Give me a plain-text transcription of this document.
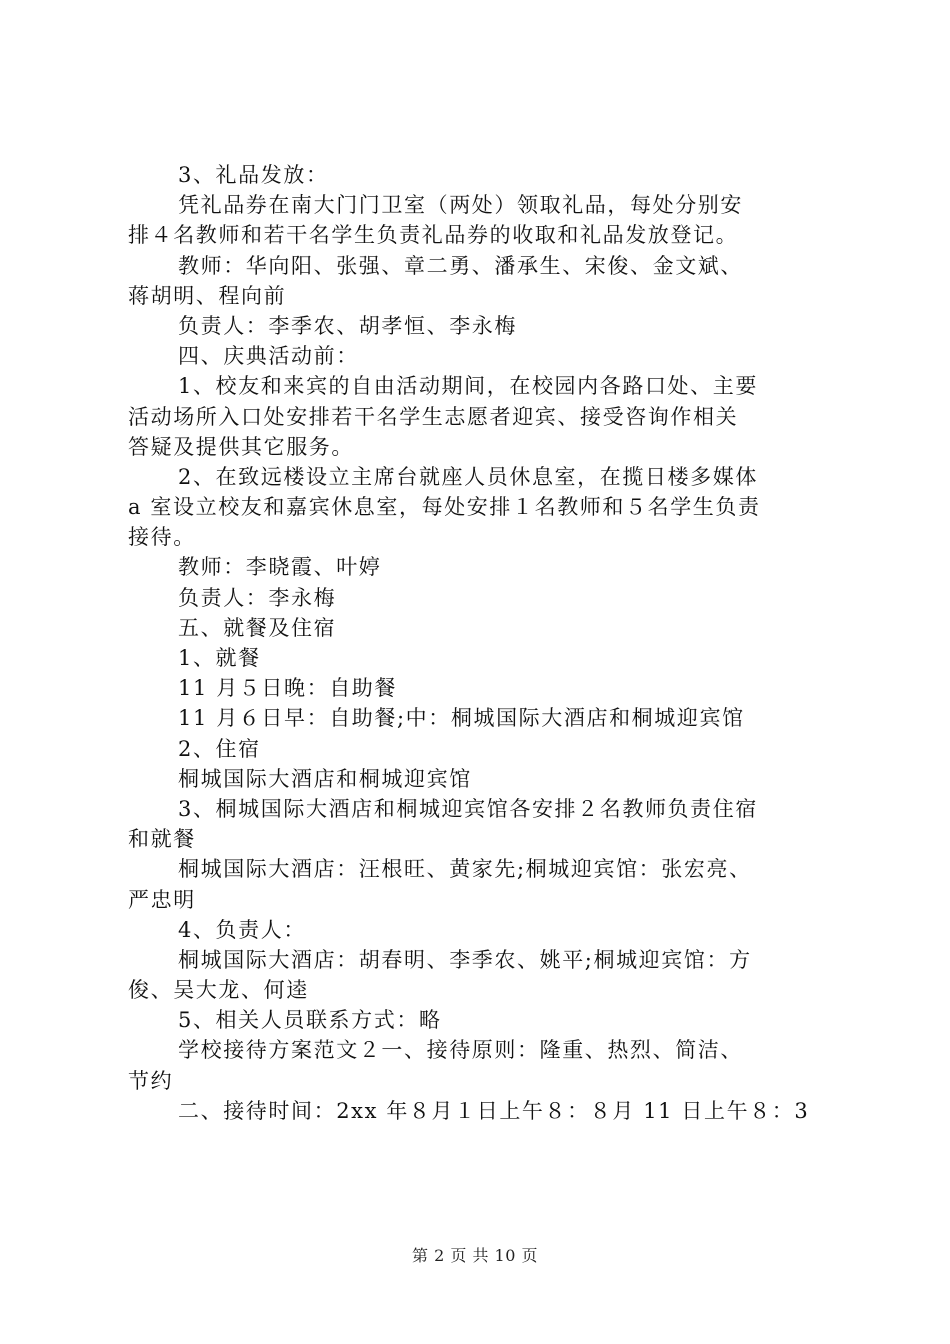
3、礼品发放：
凭礼品券在南大门门卫室（两处）领取礼品，每处分别安
排４名教师和若干名学生负责礼品券的收取和礼品发放登记。
教师：华向阳、张强、章二勇、潘承生、宋俊、金文斌、
蒋胡明、程向前
负责人：李季农、胡孝恒、李永梅
四、庆典活动前：
1、校友和来宾的自由活动期间，在校园内各路口处、主要
活动场所入口处安排若干名学生志愿者迎宾、接受咨询作相关
答疑及提供其它服务。
2、在致远楼设立主席台就座人员休息室，在揽日楼多媒体
a 室设立校友和嘉宾休息室，每处安排１名教师和５名学生负责
接待。
教师：李晓霞、叶婷
负责人：李永梅
五、就餐及住宿
1、就餐
11 月５日晚：自助餐
11 月６日早：自助餐;中：桐城国际大酒店和桐城迎宾馆
2、住宿
桐城国际大酒店和桐城迎宾馆
3、桐城国际大酒店和桐城迎宾馆各安排２名教师负责住宿
和就餐
桐城国际大酒店：汪根旺、黄家先;桐城迎宾馆：张宏亮、
严忠明
4、负责人：
桐城国际大酒店：胡春明、李季农、姚平;桐城迎宾馆：方
俊、吴大龙、何逵
5、相关人员联系方式：略
学校接待方案范文２一、接待原则：隆重、热烈、简洁、
节约
二、接待时间：2xx 年８月１日上午８：８月 11 日上午８：3
第 2 页 共 10 页
